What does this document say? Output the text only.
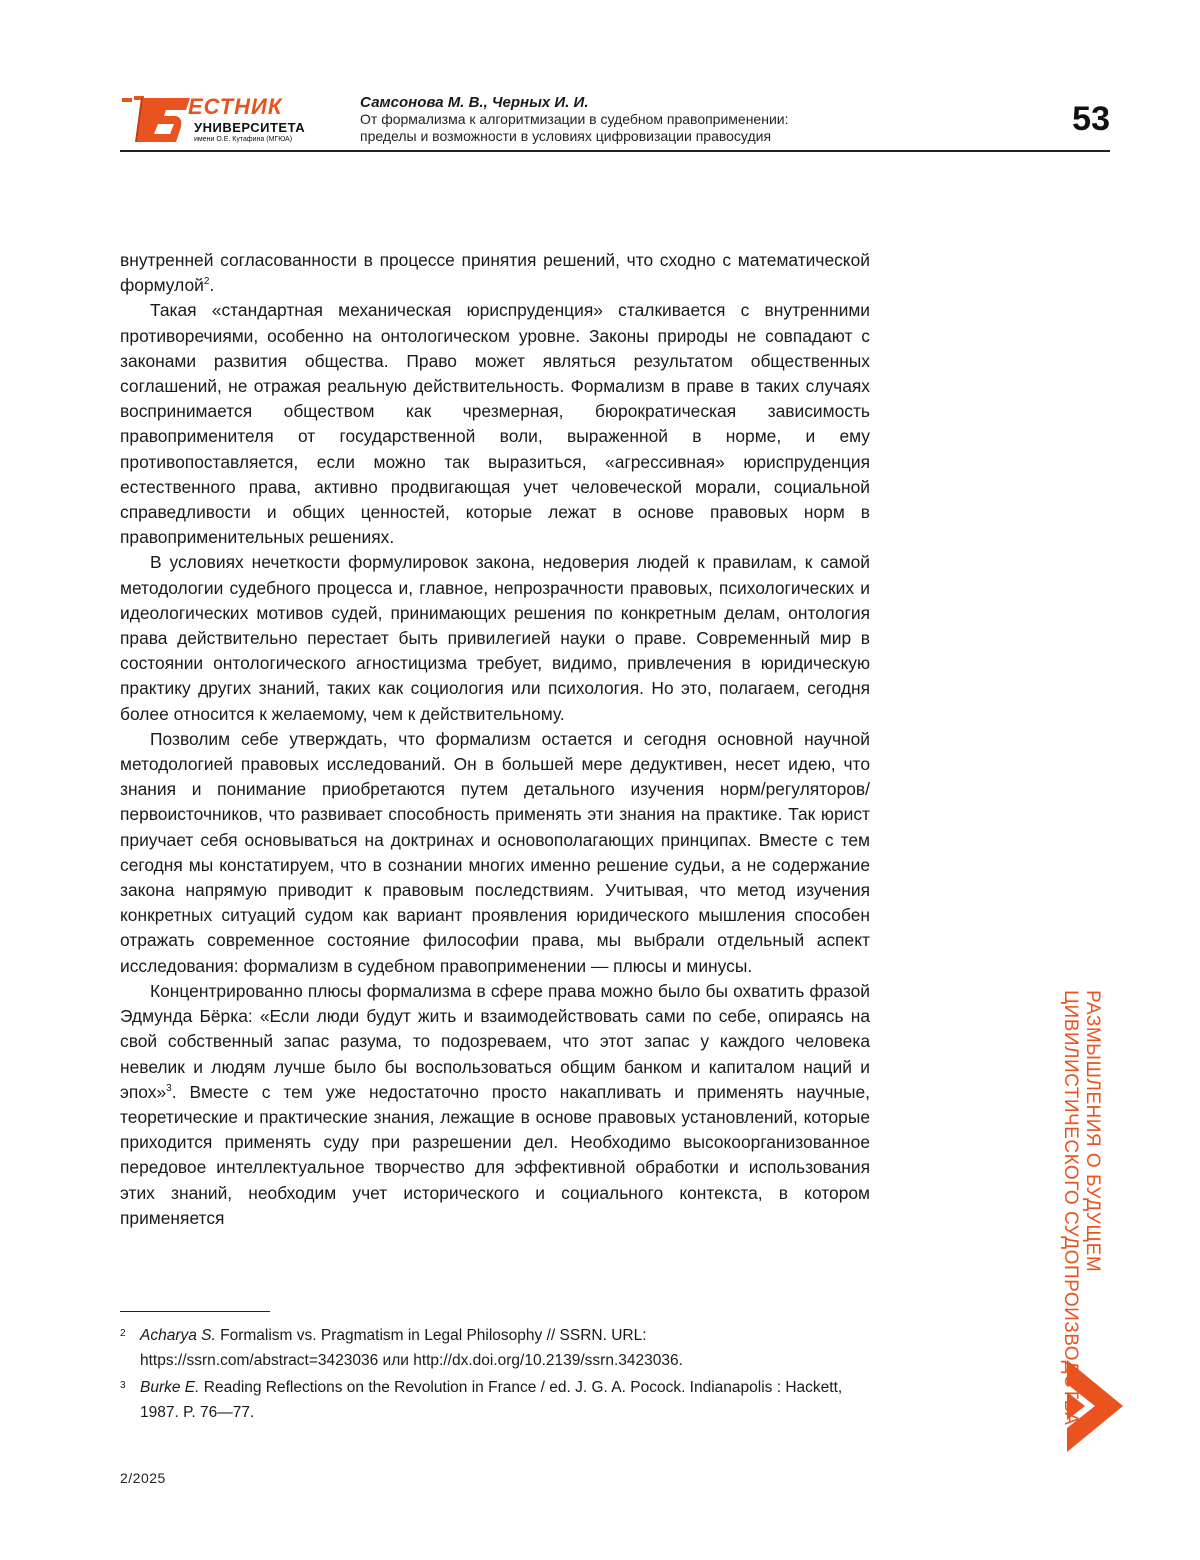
ЕСТНИК
УНИВЕРСИТЕТА
имени О.Е. Кутафина (МГЮА)
Самсонова М. В., Черных И. И.
От формализма к алгоритмизации в судебном правоприменении:
пределы и возможности в условиях цифровизации правосудия	53

внутренней согласованности в процессе принятия решений, что сходно с математической формулой2.

Такая «стандартная механическая юриспруденция» сталкивается с внутренними противоречиями, особенно на онтологическом уровне. Законы природы не совпадают с законами развития общества. Право может являться результатом общественных соглашений, не отражая реальную действительность. Формализм в праве в таких случаях воспринимается обществом как чрезмерная, бюрократическая зависимость правоприменителя от государственной воли, выраженной в норме, и ему противопоставляется, если можно так выразиться, «агрессивная» юриспруденция естественного права, активно продвигающая учет человеческой морали, социальной справедливости и общих ценностей, которые лежат в основе правовых норм в правоприменительных решениях.

В условиях нечеткости формулировок закона, недоверия людей к правилам, к самой методологии судебного процесса и, главное, непрозрачности правовых, психологических и идеологических мотивов судей, принимающих решения по конкретным делам, онтология права действительно перестает быть привилегией науки о праве. Современный мир в состоянии онтологического агностицизма требует, видимо, привлечения в юридическую практику других знаний, таких как социология или психология. Но это, полагаем, сегодня более относится к желаемому, чем к действительному.

Позволим себе утверждать, что формализм остается и сегодня основной научной методологией правовых исследований. Он в большей мере дедуктивен, несет идею, что знания и понимание приобретаются путем детального изучения норм/регуляторов/первоисточников, что развивает способность применять эти знания на практике. Так юрист приучает себя основываться на доктринах и основополагающих принципах. Вместе с тем сегодня мы констатируем, что в сознании многих именно решение судьи, а не содержание закона напрямую приводит к правовым последствиям. Учитывая, что метод изучения конкретных ситуаций судом как вариант проявления юридического мышления способен отражать современное состояние философии права, мы выбрали отдельный аспект исследования: формализм в судебном правоприменении — плюсы и минусы.

Концентрированно плюсы формализма в сфере права можно было бы охватить фразой Эдмунда Бёрка: «Если люди будут жить и взаимодействовать сами по себе, опираясь на свой собственный запас разума, то подозреваем, что этот запас у каждого человека невелик и людям лучше было бы воспользоваться общим банком и капиталом наций и эпох»3. Вместе с тем уже недостаточно просто накапливать и применять научные, теоретические и практические знания, лежащие в основе правовых установлений, которые приходится применять суду при разрешении дел. Необходимо высокоорганизованное передовое интеллектуальное творчество для эффективной обработки и использования этих знаний, необходим учет исторического и социального контекста, в котором применяется

2 Acharya S. Formalism vs. Pragmatism in Legal Philosophy // SSRN. URL: https://ssrn.com/abstract=3423036 или http://dx.doi.org/10.2139/ssrn.3423036.
3 Burke E. Reading Reflections on the Revolution in France / ed. J. G. A. Pocock. Indianapolis : Hackett, 1987. P. 76—77.
2/2025
РАЗМЫШЛЕНИЯ О БУДУЩЕМ ЦИВИЛИСТИЧЕСКОГО СУДОПРОИЗВОДСТВА
